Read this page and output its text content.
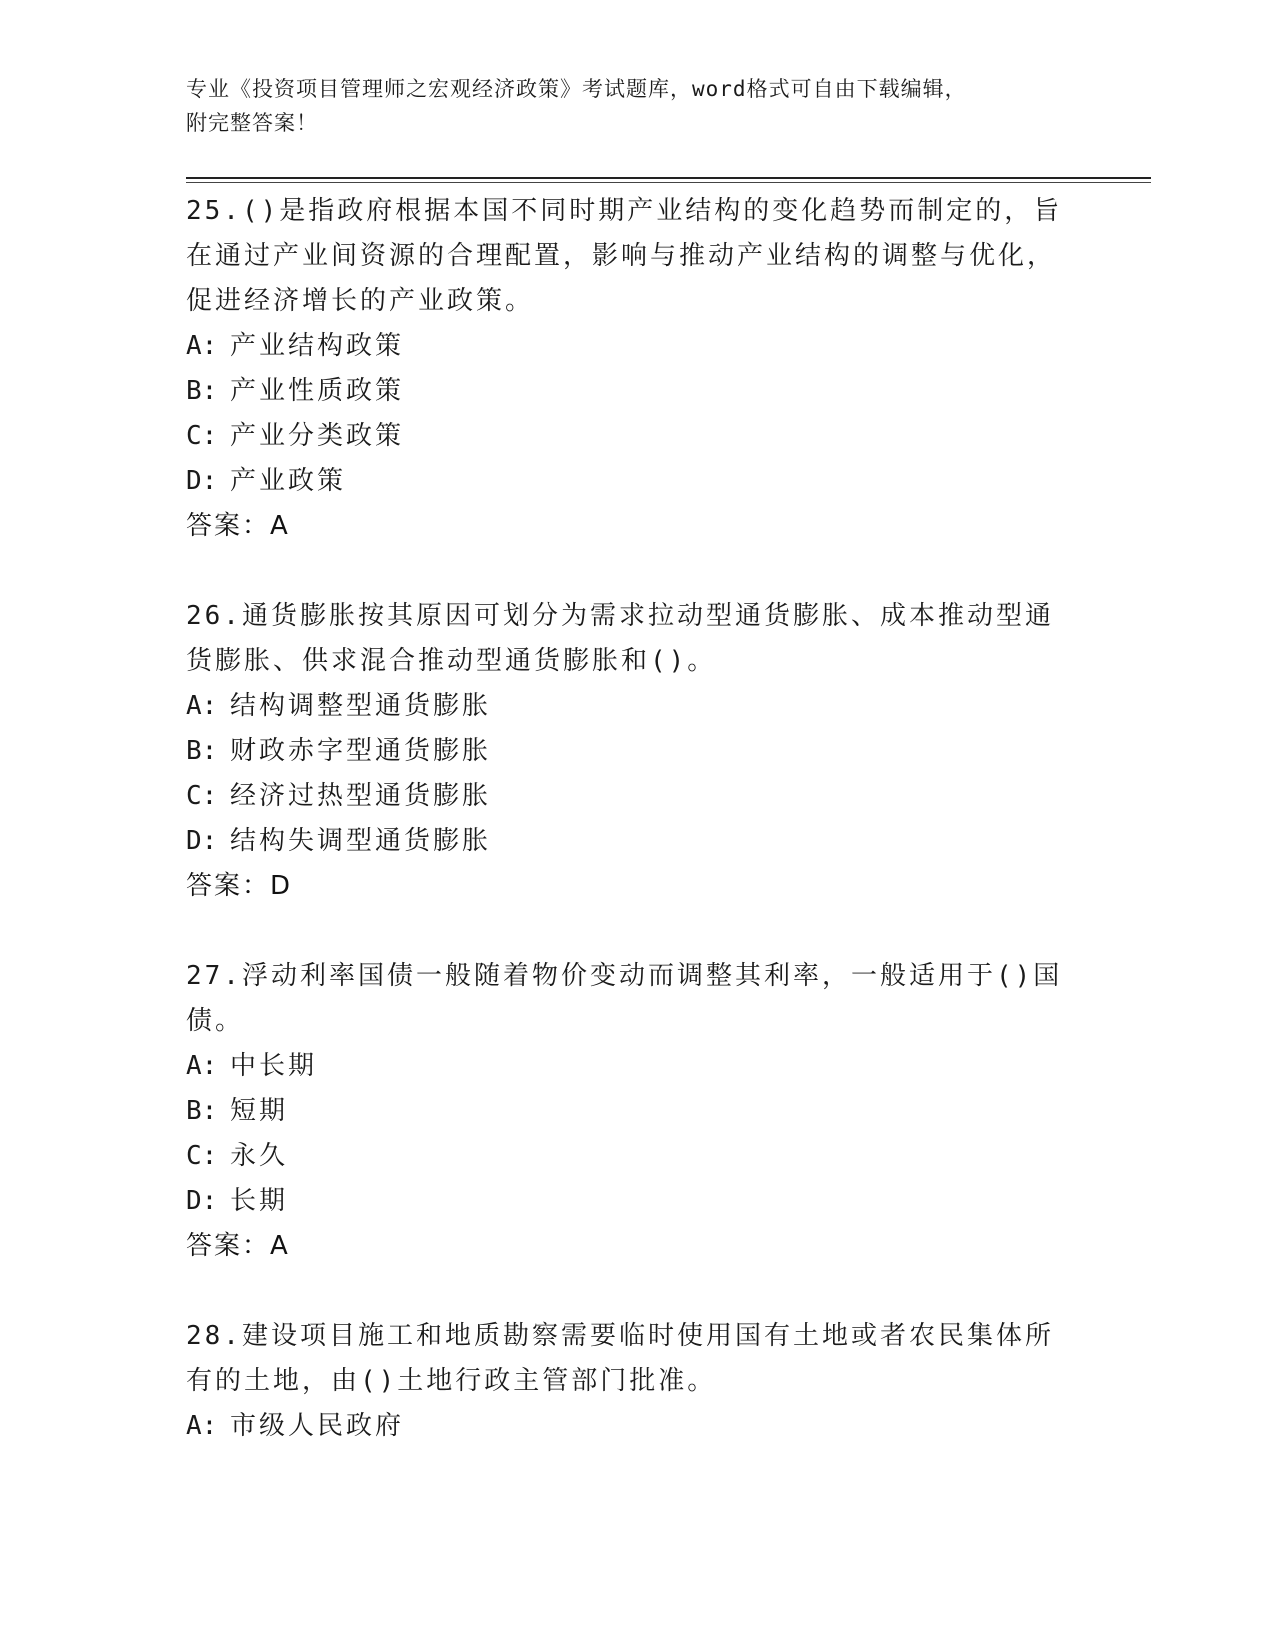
专业《投资项目管理师之宏观经济政策》考试题库，word格式可自由下载编辑，
附完整答案！

25.()是指政府根据本国不同时期产业结构的变化趋势而制定的，旨在通过产业间资源的合理配置，影响与推动产业结构的调整与优化，促进经济增长的产业政策。

A: 产业结构政策

B: 产业性质政策

C: 产业分类政策

D: 产业政策

答案：A

26.通货膨胀按其原因可划分为需求拉动型通货膨胀、成本推动型通货膨胀、供求混合推动型通货膨胀和()。

A: 结构调整型通货膨胀

B: 财政赤字型通货膨胀

C: 经济过热型通货膨胀

D: 结构失调型通货膨胀

答案：D

27.浮动利率国债一般随着物价变动而调整其利率，一般适用于()国债。

A: 中长期

B: 短期

C: 永久

D: 长期

答案：A

28.建设项目施工和地质勘察需要临时使用国有土地或者农民集体所有的土地，由()土地行政主管部门批准。

A: 市级人民政府
